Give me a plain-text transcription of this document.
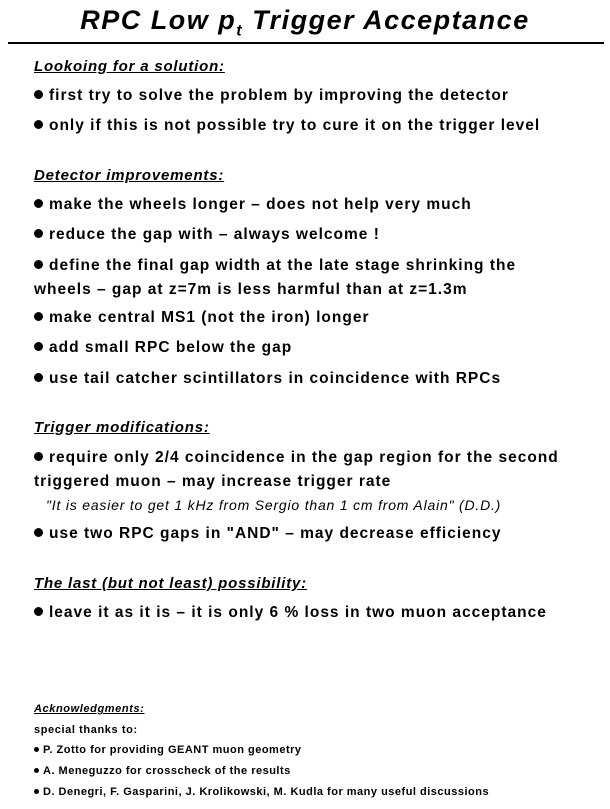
RPC Low $p_t$ Trigger Acceptance
Lookoing for a solution:
first try to solve the problem by improving the detector
only if this is not possible try to cure it on the trigger level
Detector improvements:
make the wheels longer – does not help very much
reduce the gap with – always welcome !
define the final gap width at the late stage shrinking the
wheels – gap at z=7m is less harmful than at z=1.3m
make central MS1 (not the iron) longer
add small RPC below the gap
use tail catcher scintillators in coincidence with RPCs
Trigger modifications:
require only 2/4 coincidence in the gap region for the second
triggered muon – may increase trigger rate
"It is easier to get 1 kHz from Sergio than 1 cm from Alain" (D.D.)
use two RPC gaps in "AND" – may decrease efficiency
The last (but not least) possibility:
leave it as it is – it is only 6 % loss in two muon acceptance
Acknowledgments:
special thanks to:
P. Zotto for providing GEANT muon geometry
A. Meneguzzo for crosscheck of the results
D. Denegri, F. Gasparini, J. Krolikowski, M. Kudla for many useful discussions
